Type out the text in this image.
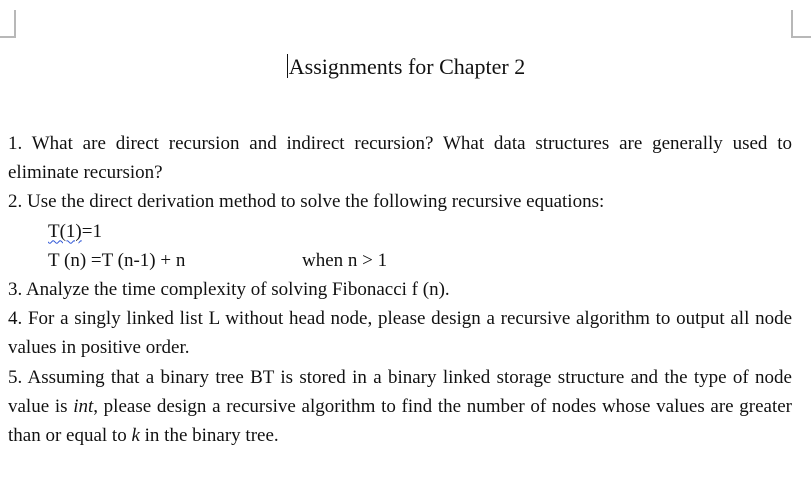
Assignments for Chapter 2

1. What are direct recursion and indirect recursion? What data structures are generally used to eliminate recursion?

2. Use the direct derivation method to solve the following recursive equations:

T(1)=1

T (n) =T (n-1) + n	when n > 1

3. Analyze the time complexity of solving Fibonacci f (n).

4. For a singly linked list L without head node, please design a recursive algorithm to output all node values in positive order.

5. Assuming that a binary tree BT is stored in a binary linked storage structure and the type of node value is int, please design a recursive algorithm to find the number of nodes whose values are greater than or equal to k in the binary tree.
